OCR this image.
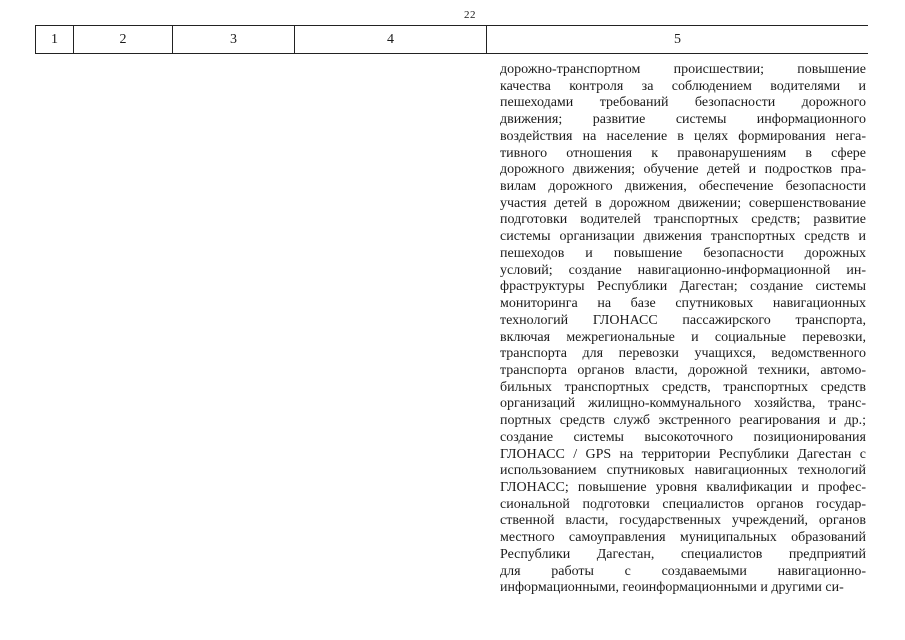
22
1	2	3	4	5
дорожно-транспортном происшествии; повышение
качества контроля за соблюдением водителями и
пешеходами требований безопасности дорожного
движения; развитие системы информационного
воздействия на население в целях формирования нега-
тивного отношения к правонарушениям в сфере
дорожного движения; обучение детей и подростков пра-
вилам дорожного движения, обеспечение безопасности
участия детей в дорожном движении; совершенствование
подготовки водителей транспортных средств; развитие
системы организации движения транспортных средств и
пешеходов и повышение безопасности дорожных
условий; создание навигационно-информационной ин-
фраструктуры Республики Дагестан; создание системы
мониторинга на базе спутниковых навигационных
технологий ГЛОНАСС пассажирского транспорта,
включая межрегиональные и социальные перевозки,
транспорта для перевозки учащихся, ведомственного
транспорта органов власти, дорожной техники, автомо-
бильных транспортных средств, транспортных средств
организаций жилищно-коммунального хозяйства, транс-
портных средств служб экстренного реагирования и др.;
создание системы высокоточного позиционирования
ГЛОНАСС / GPS на территории Республики Дагестан с
использованием спутниковых навигационных технологий
ГЛОНАСС; повышение уровня квалификации и профес-
сиональной подготовки специалистов органов государ-
ственной власти, государственных учреждений, органов
местного самоуправления муниципальных образований
Республики Дагестан, специалистов предприятий
для работы с создаваемыми навигационно-
информационными, геоинформационными и другими си-
